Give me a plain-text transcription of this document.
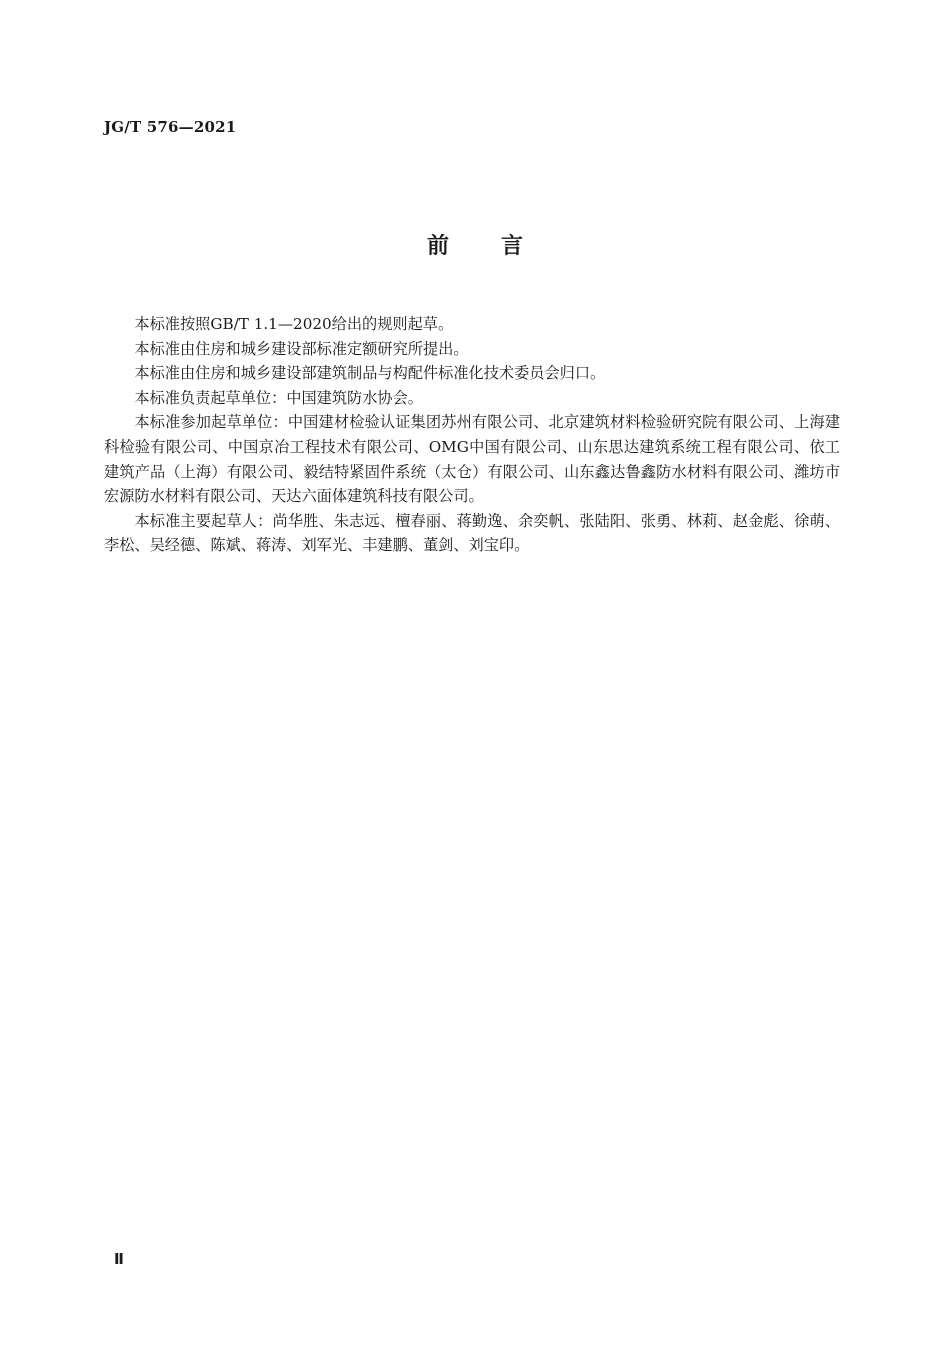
JG/T 576—2021
前言

本标准按照GB/T 1.1—2020给出的规则起草。

本标准由住房和城乡建设部标准定额研究所提出。

本标准由住房和城乡建设部建筑制品与构配件标准化技术委员会归口。

本标准负责起草单位：中国建筑防水协会。

本标准参加起草单位：中国建材检验认证集团苏州有限公司、北京建筑材料检验研究院有限公司、上海建科检验有限公司、中国京冶工程技术有限公司、OMG中国有限公司、山东思达建筑系统工程有限公司、依工建筑产品（上海）有限公司、毅结特紧固件系统（太仓）有限公司、山东鑫达鲁鑫防水材料有限公司、潍坊市宏源防水材料有限公司、天达六面体建筑科技有限公司。

本标准主要起草人：尚华胜、朱志远、檀春丽、蒋勤逸、余奕帆、张陆阳、张勇、林莉、赵金彪、徐萌、李松、吴经德、陈斌、蒋涛、刘军光、丰建鹏、董剑、刘宝印。

Ⅱ
